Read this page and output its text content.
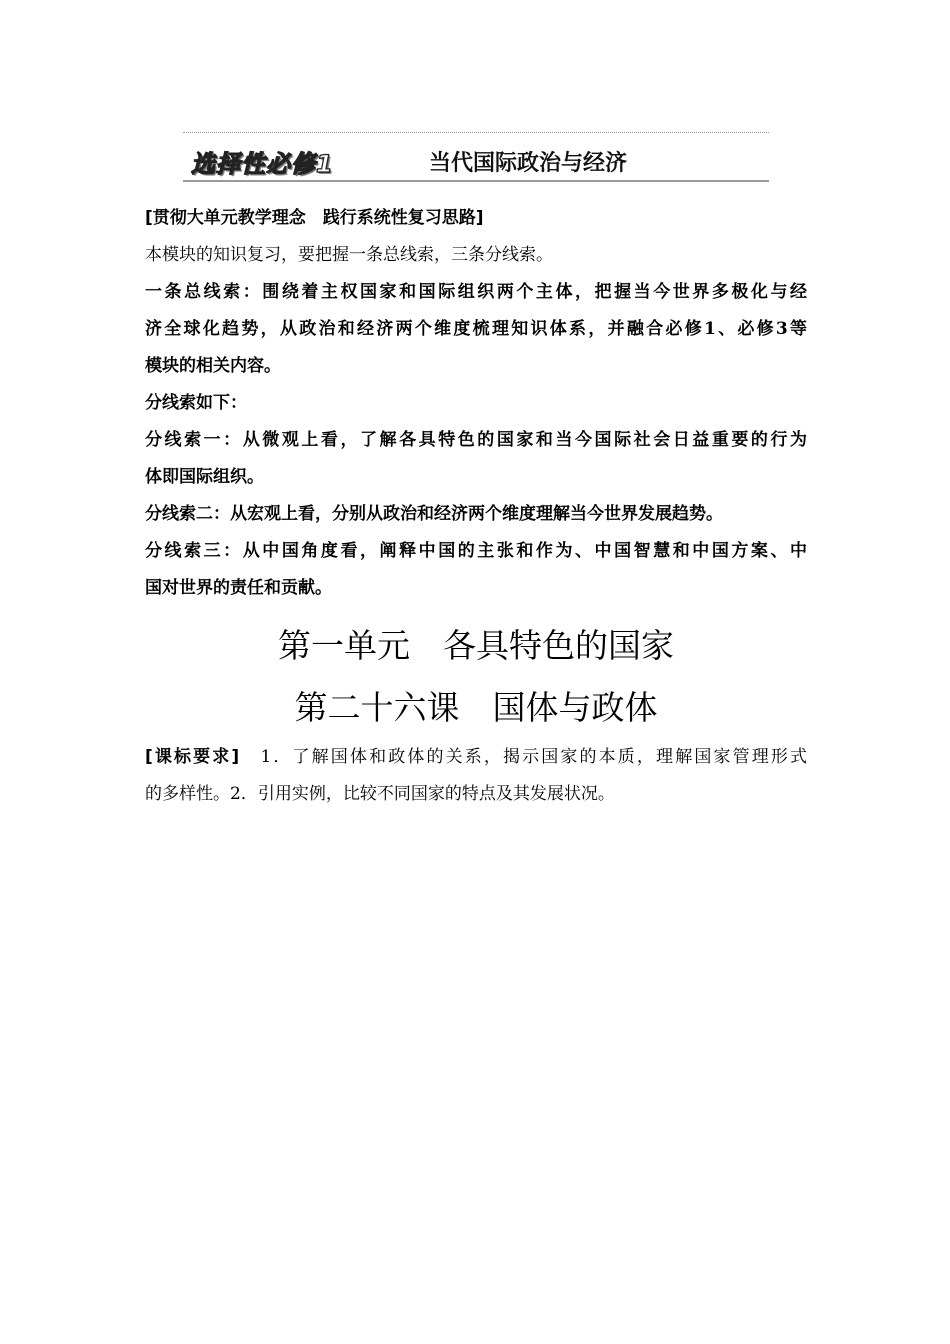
选择性必修1	当代国际政治与经济
[贯彻大单元教学理念　践行系统性复习思路]
本模块的知识复习，要把握一条总线索，三条分线索。
一条总线索：围绕着主权国家和国际组织两个主体，把握当今世界多极化与经
济全球化趋势，从政治和经济两个维度梳理知识体系，并融合必修1、必修3等
模块的相关内容。
分线索如下：
分线索一：从微观上看，了解各具特色的国家和当今国际社会日益重要的行为
体即国际组织。
分线索二：从宏观上看，分别从政治和经济两个维度理解当今世界发展趋势。
分线索三：从中国角度看，阐释中国的主张和作为、中国智慧和中国方案、中
国对世界的责任和贡献。
第一单元　各具特色的国家
第二十六课　国体与政体
[课标要求]　1．了解国体和政体的关系，揭示国家的本质，理解国家管理形式
的多样性。2．引用实例，比较不同国家的特点及其发展状况。
